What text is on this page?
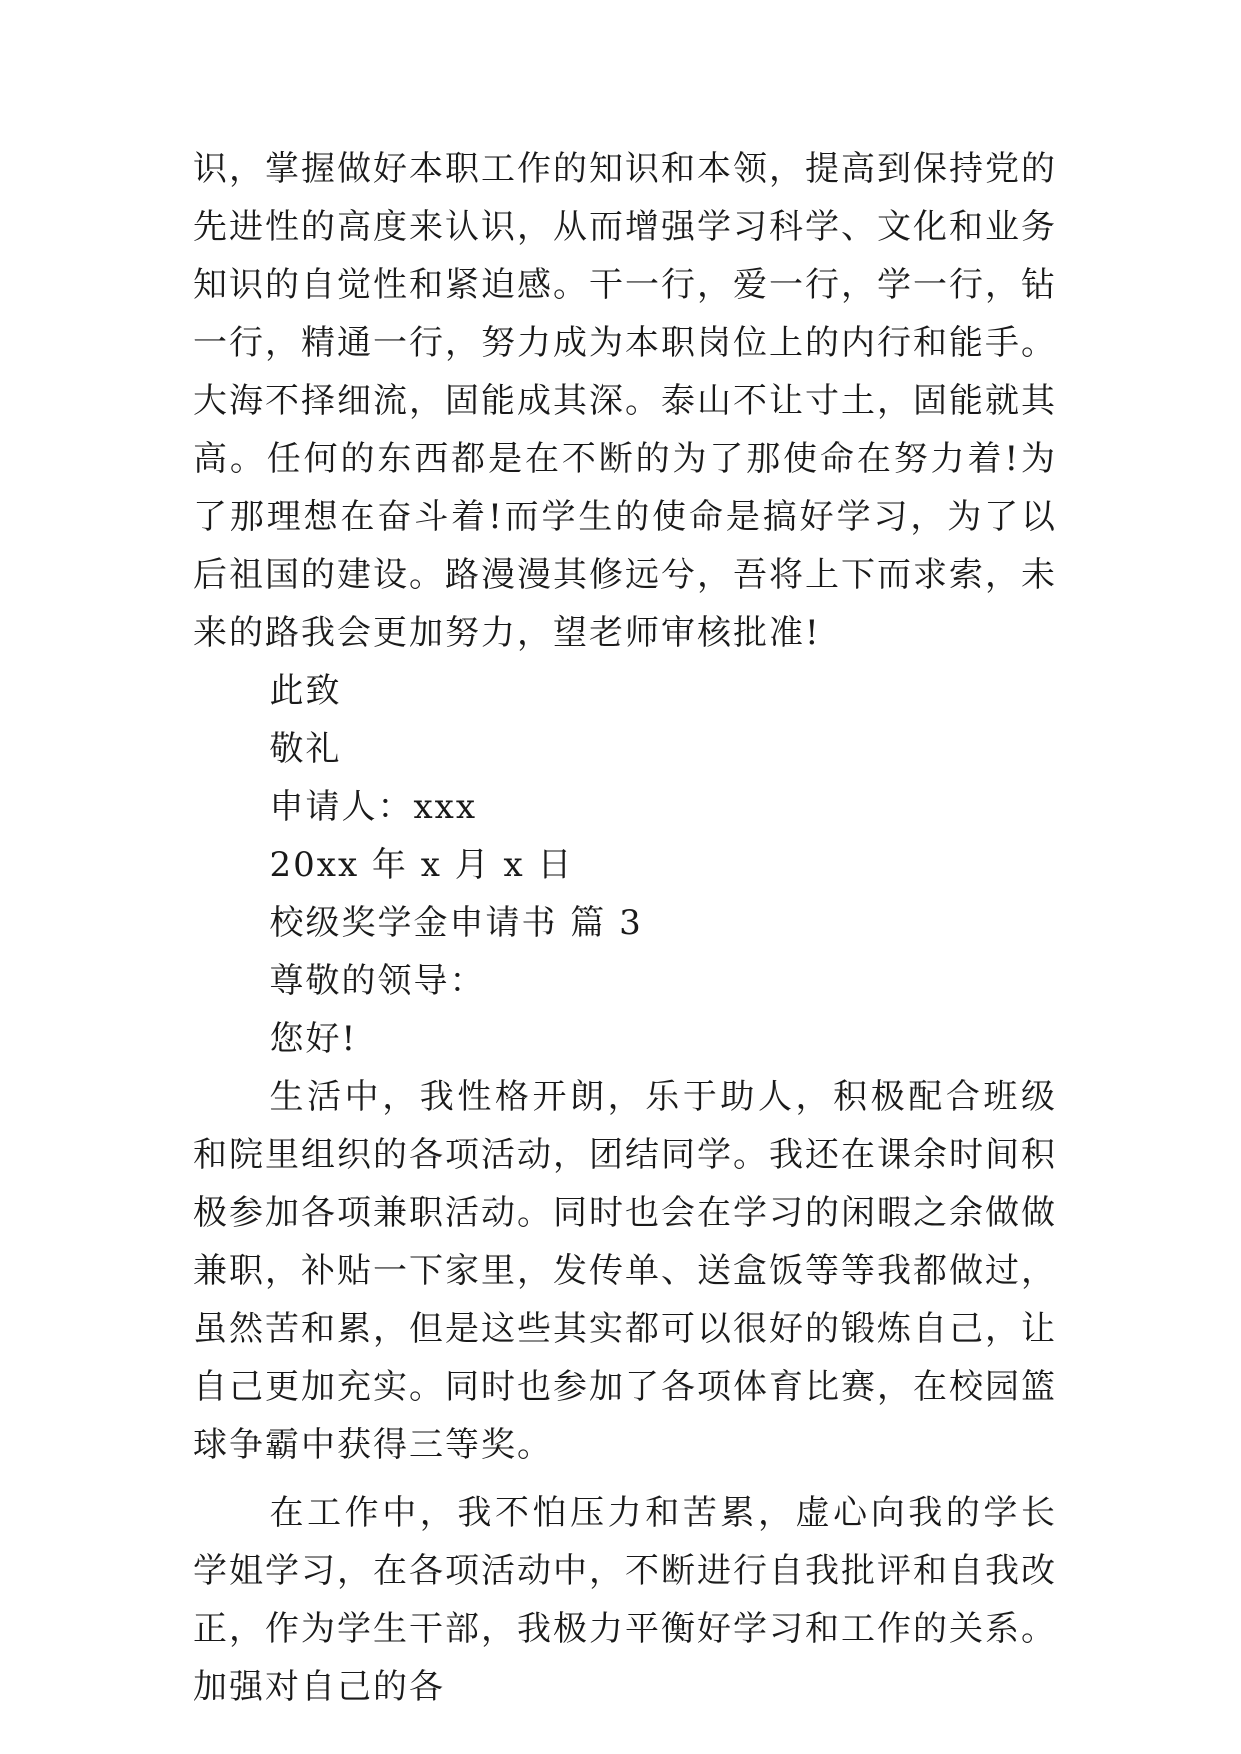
识，掌握做好本职工作的知识和本领，提高到保持党的先进性的高度来认识，从而增强学习科学、文化和业务知识的自觉性和紧迫感。干一行，爱一行，学一行，钻一行，精通一行，努力成为本职岗位上的内行和能手。 大海不择细流，固能成其深。泰山不让寸土，固能就其高。任何的东西都是在不断的为了那使命在努力着!为了那理想在奋斗着!而学生的使命是搞好学习，为了以后祖国的建设。路漫漫其修远兮，吾将上下而求索，未来的路我会更加努力，望老师审核批准!

此致

敬礼

申请人：xxx

20xx 年 x 月 x 日

校级奖学金申请书 篇 3

尊敬的领导：

您好!

生活中，我性格开朗，乐于助人，积极配合班级和院里组织的各项活动，团结同学。我还在课余时间积极参加各项兼职活动。同时也会在学习的闲暇之余做做兼职，补贴一下家里，发传单、送盒饭等等我都做过，虽然苦和累，但是这些其实都可以很好的锻炼自己，让自己更加充实。同时也参加了各项体育比赛，在校园篮球争霸中获得三等奖。

在工作中，我不怕压力和苦累，虚心向我的学长学姐学习，在各项活动中，不断进行自我批评和自我改正，作为学生干部，我极力平衡好学习和工作的关系。加强对自己的各
